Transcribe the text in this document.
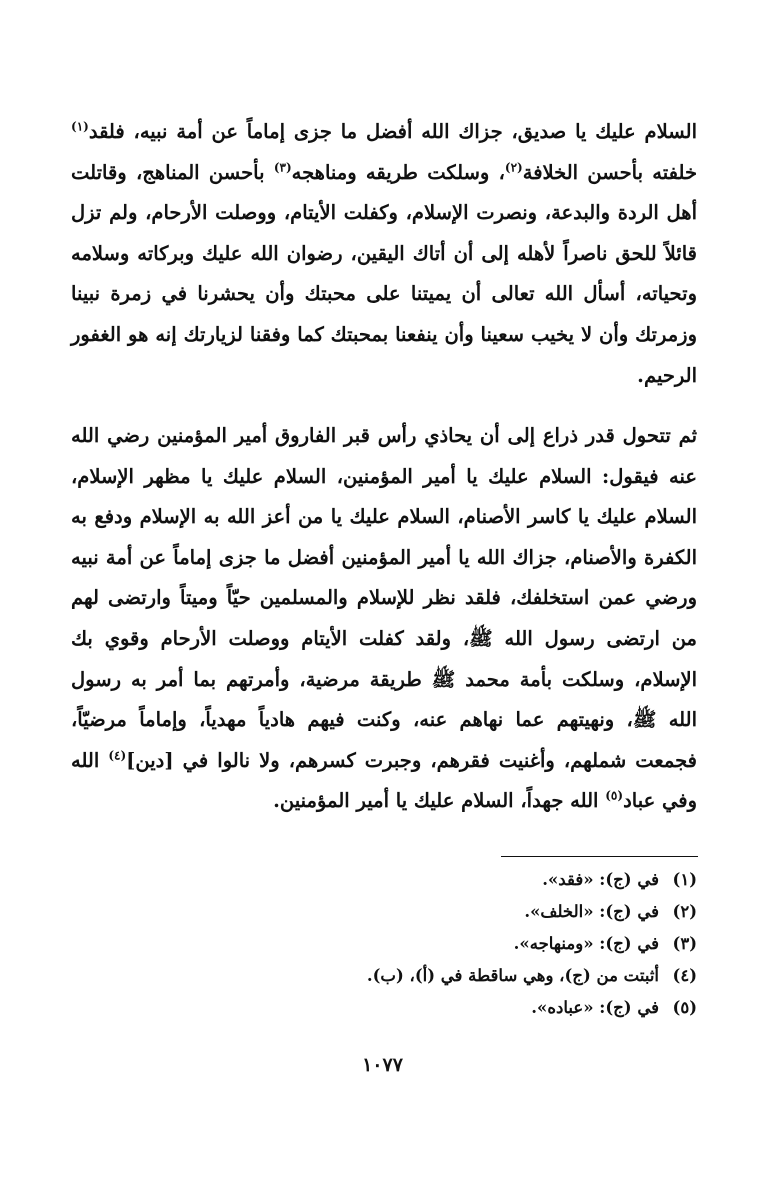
السلام عليك يا صديق، جزاك الله أفضل ما جزى إماماً عن أمة نبيه، فلقد$^{(١)}$ خلفته بأحسن الخلافة$^{(٢)}$، وسلكت طريقه ومناهجه$^{(٣)}$ بأحسن المناهج، وقاتلت أهل الردة والبدعة، ونصرت الإسلام، وكفلت الأيتام، ووصلت الأرحام، ولم تزل قائلاً للحق ناصراً لأهله إلى أن أتاك اليقين، رضوان الله عليك وبركاته وسلامه وتحياته، أسأل الله تعالى أن يميتنا على محبتك وأن يحشرنا في زمرة نبينا وزمرتك وأن لا يخيب سعينا وأن ينفعنا بمحبتك كما وفقنا لزيارتك إنه هو الغفور الرحيم.

ثم تتحول قدر ذراع إلى أن يحاذي رأس قبر الفاروق أمير المؤمنين رضي الله عنه فيقول: السلام عليك يا أمير المؤمنين، السلام عليك يا مظهر الإسلام، السلام عليك يا كاسر الأصنام، السلام عليك يا من أعز الله به الإسلام ودفع به الكفرة والأصنام، جزاك الله يا أمير المؤمنين أفضل ما جزى إماماً عن أمة نبيه ورضي عمن استخلفك، فلقد نظر للإسلام والمسلمين حيّاً وميتاً وارتضى لهم من ارتضى رسول الله ﷺ، ولقد كفلت الأيتام ووصلت الأرحام وقوي بك الإسلام، وسلكت بأمة محمد ﷺ طريقة مرضية، وأمرتهم بما أمر به رسول الله ﷺ، ونهيتهم عما نهاهم عنه، وكنت فيهم هادياً مهدياً، وإماماً مرضيّاً، فجمعت شملهم، وأغنيت فقرهم، وجبرت كسرهم، ولا نالوا في [دين]$^{(٤)}$ الله وفي عباد$^{(٥)}$ الله جهداً، السلام عليك يا أمير المؤمنين.

(١)
في (ج): «فقد».
(٢)
في (ج): «الخلف».
(٣)
في (ج): «ومنهاجه».
(٤)
أثبتت من (ج)، وهي ساقطة في (أ)، (ب).
(٥)
في (ج): «عباده».
١٠٧٧
